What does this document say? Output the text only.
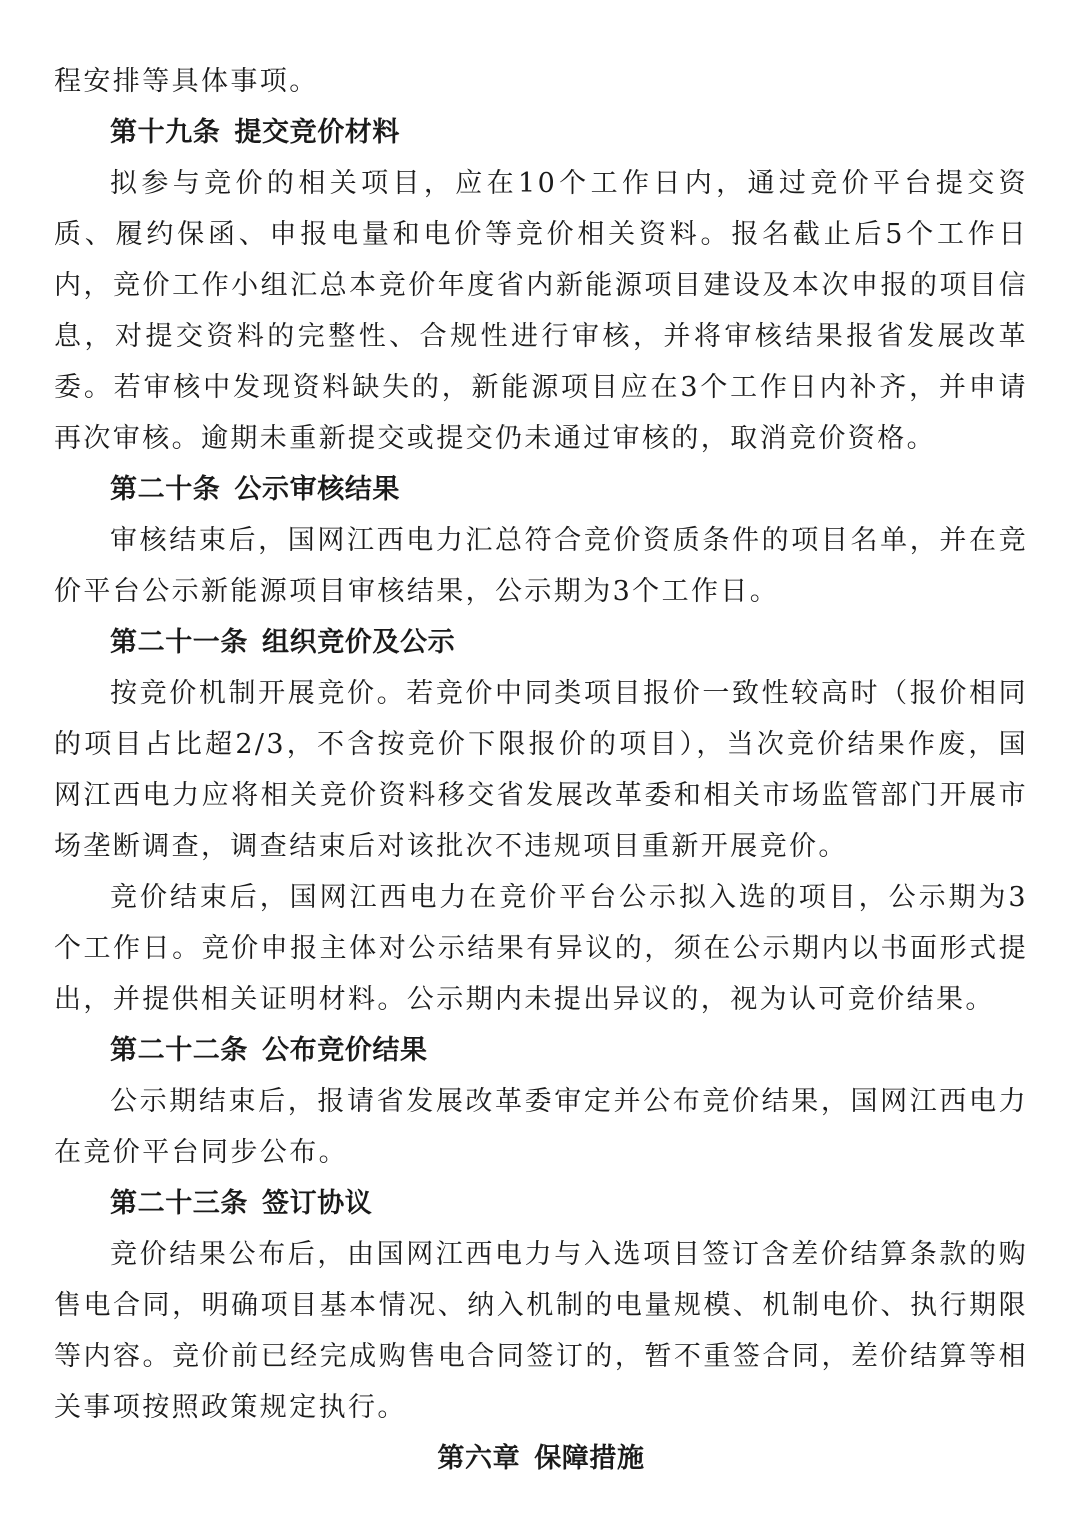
程安排等具体事项。

第十九条 提交竞价材料

拟参与竞价的相关项目，应在10个工作日内，通过竞价平台提交资质、履约保函、申报电量和电价等竞价相关资料。报名截止后5个工作日内，竞价工作小组汇总本竞价年度省内新能源项目建设及本次申报的项目信息，对提交资料的完整性、合规性进行审核，并将审核结果报省发展改革委。若审核中发现资料缺失的，新能源项目应在3个工作日内补齐，并申请再次审核。逾期未重新提交或提交仍未通过审核的，取消竞价资格。

第二十条 公示审核结果

审核结束后，国网江西电力汇总符合竞价资质条件的项目名单，并在竞价平台公示新能源项目审核结果，公示期为3个工作日。

第二十一条 组织竞价及公示

按竞价机制开展竞价。若竞价中同类项目报价一致性较高时（报价相同的项目占比超2/3，不含按竞价下限报价的项目），当次竞价结果作废，国网江西电力应将相关竞价资料移交省发展改革委和相关市场监管部门开展市场垄断调查，调查结束后对该批次不违规项目重新开展竞价。

竞价结束后，国网江西电力在竞价平台公示拟入选的项目，公示期为3个工作日。竞价申报主体对公示结果有异议的，须在公示期内以书面形式提出，并提供相关证明材料。公示期内未提出异议的，视为认可竞价结果。

第二十二条 公布竞价结果

公示期结束后，报请省发展改革委审定并公布竞价结果，国网江西电力在竞价平台同步公布。

第二十三条 签订协议

竞价结果公布后，由国网江西电力与入选项目签订含差价结算条款的购售电合同，明确项目基本情况、纳入机制的电量规模、机制电价、执行期限等内容。竞价前已经完成购售电合同签订的，暂不重签合同，差价结算等相关事项按照政策规定执行。

第六章 保障措施
